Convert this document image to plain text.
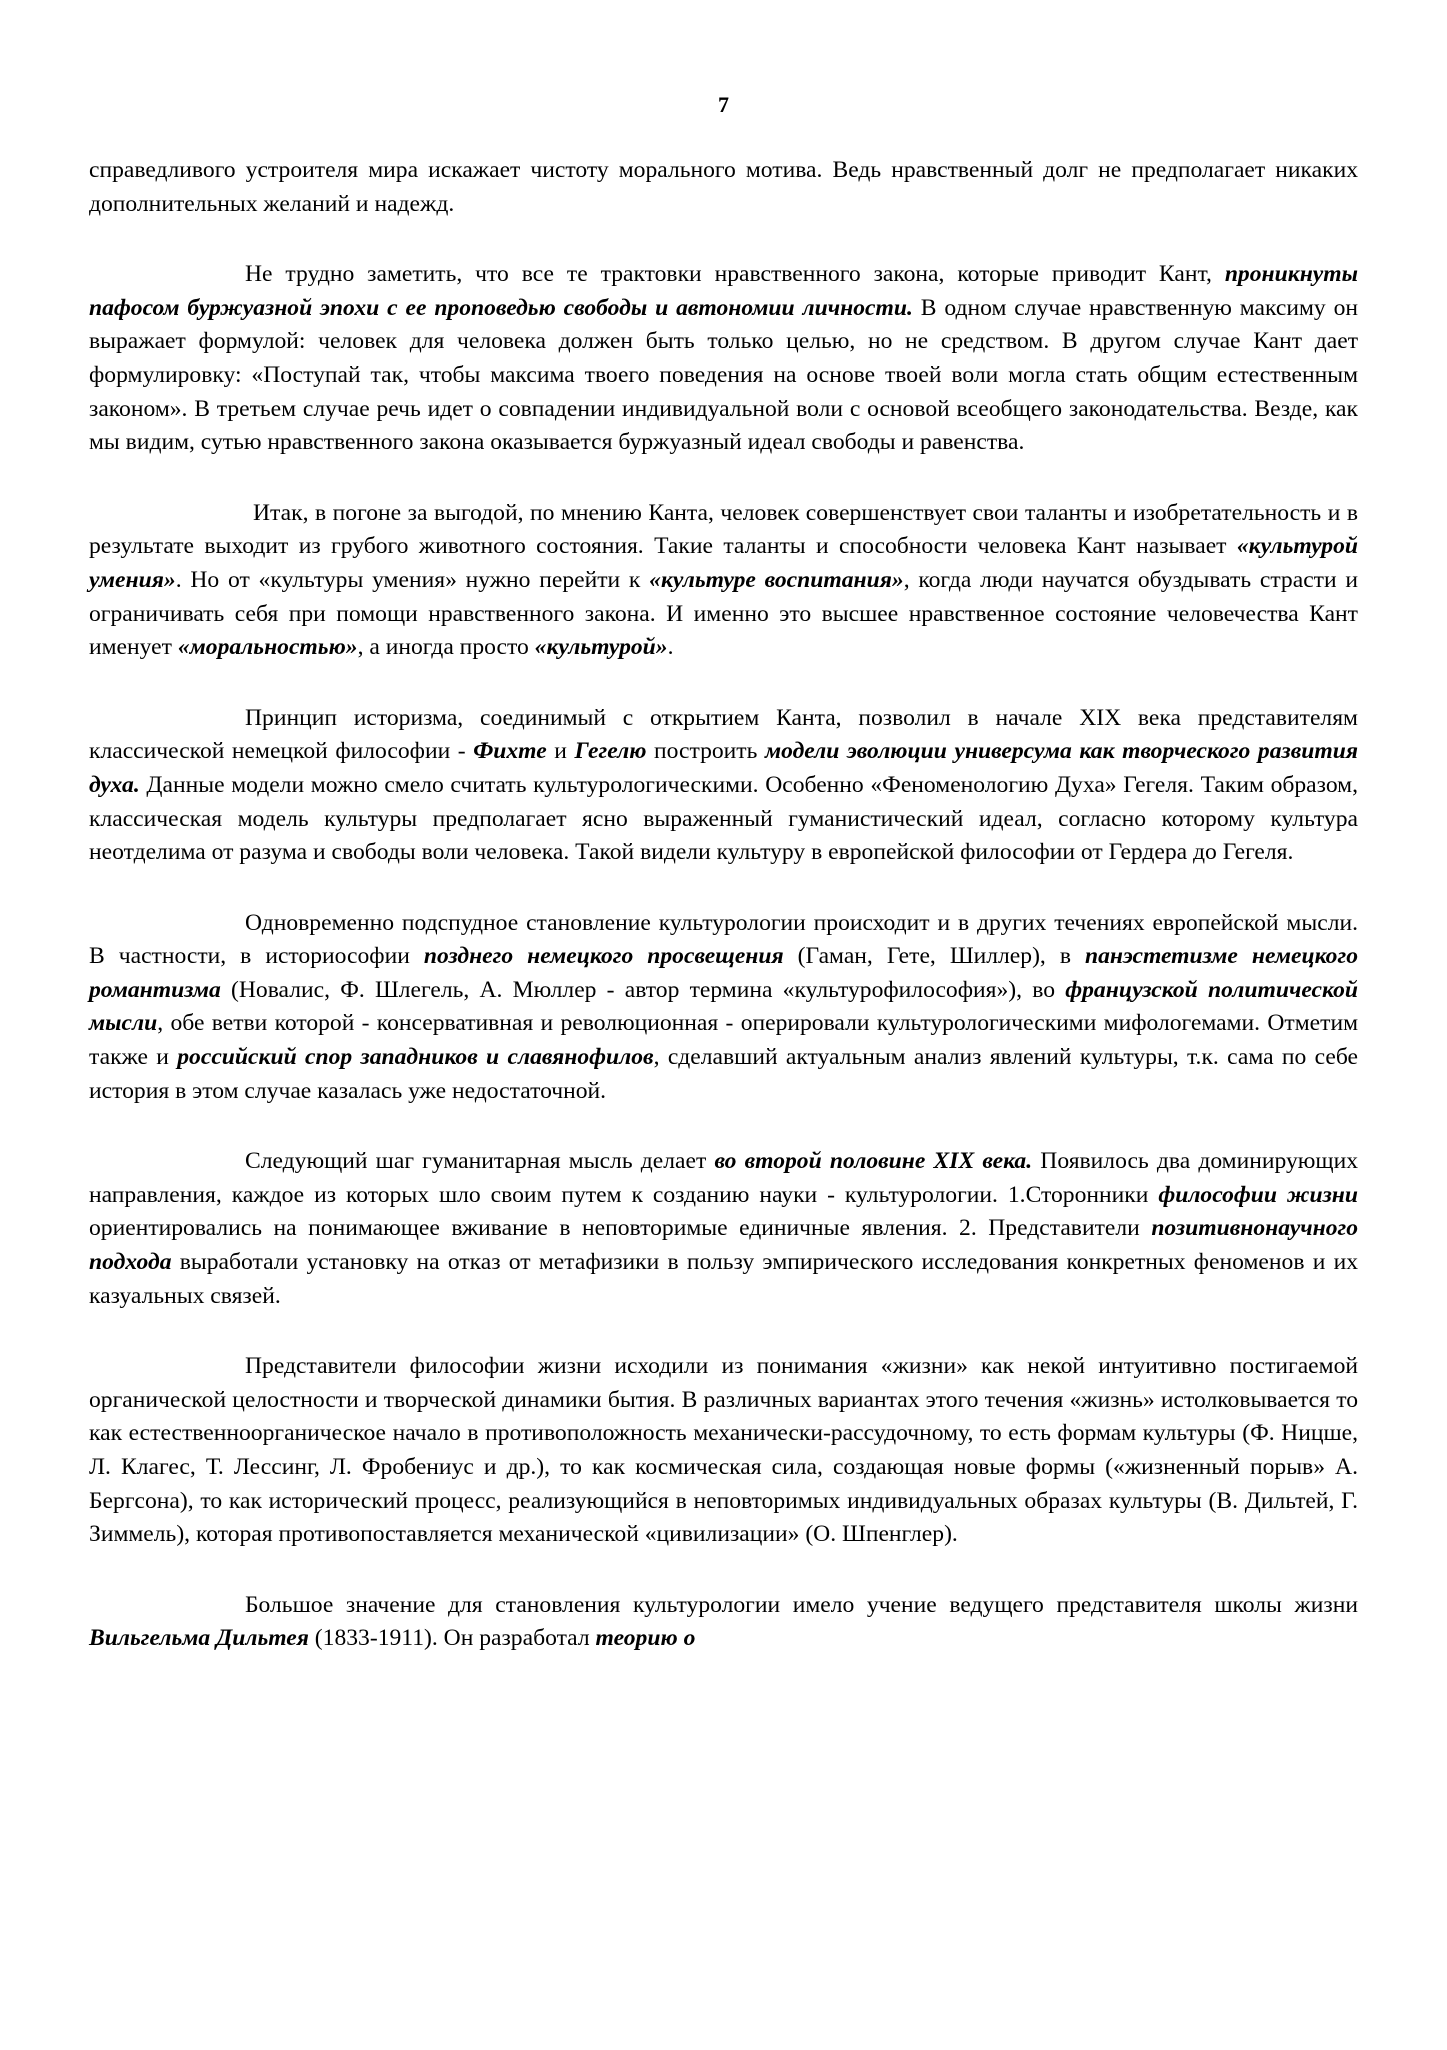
7

справедливого устроителя мира искажает чистоту морального мотива. Ведь нравственный долг не предполагает никаких дополнительных желаний и надежд.

Не трудно заметить, что все те трактовки нравственного закона, которые приводит Кант, проникнуты пафосом буржуазной эпохи с ее проповедью свободы и автономии личности. В одном случае нравственную максиму он выражает формулой: человек для человека должен быть только целью, но не средством. В другом случае Кант дает формулировку: «Поступай так, чтобы максима твоего поведения на основе твоей воли могла стать общим естественным законом». В третьем случае речь идет о совпадении индивидуальной воли с основой всеобщего законодательства. Везде, как мы видим, сутью нравственного закона оказывается буржуазный идеал свободы и равенства.

Итак, в погоне за выгодой, по мнению Канта, человек совершенствует свои таланты и изобретательность и в результате выходит из грубого животного состояния. Такие таланты и способности человека Кант называет «культурой умения». Но от «культуры умения» нужно перейти к «культуре воспитания», когда люди научатся обуздывать страсти и ограничивать себя при помощи нравственного закона. И именно это высшее нравственное состояние человечества Кант именует «моральностью», а иногда просто «культурой».

Принцип историзма, соединимый с открытием Канта, позволил в начале XIX века представителям классической немецкой философии - Фихте и Гегелю построить модели эволюции универсума как творческого развития духа. Данные модели можно смело считать культурологическими. Особенно «Феноменологию Духа» Гегеля. Таким образом, классическая модель культуры предполагает ясно выраженный гуманистический идеал, согласно которому культура неотделима от разума и свободы воли человека. Такой видели культуру в европейской философии от Гердера до Гегеля.

Одновременно подспудное становление культурологии происходит и в других течениях европейской мысли. В частности, в историософии позднего немецкого просвещения (Гаман, Гете, Шиллер), в панэстетизме немецкого романтизма (Новалис, Ф. Шлегель, А. Мюллер - автор термина «культурофилософия»), во французской политической мысли, обе ветви которой - консервативная и революционная - оперировали культурологическими мифологемами. Отметим также и российский спор западников и славянофилов, сделавший актуальным анализ явлений культуры, т.к. сама по себе история в этом случае казалась уже недостаточной.

Следующий шаг гуманитарная мысль делает во второй половине XIX века. Появилось два доминирующих направления, каждое из которых шло своим путем к созданию науки - культурологии. 1.Сторонники философии жизни ориентировались на понимающее вживание в неповторимые единичные явления. 2. Представители позитивнонаучного подхода выработали установку на отказ от метафизики в пользу эмпирического исследования конкретных феноменов и их казуальных связей.

Представители философии жизни исходили из понимания «жизни» как некой интуитивно постигаемой органической целостности и творческой динамики бытия. В различных вариантах этого течения «жизнь» истолковывается то как естественноорганическое начало в противоположность механически-рассудочному, то есть формам культуры (Ф. Ницше, Л. Клагес, Т. Лессинг, Л. Фробениус и др.), то как космическая сила, создающая новые формы («жизненный порыв» А. Бергсона), то как исторический процесс, реализующийся в неповторимых индивидуальных образах культуры (В. Дильтей, Г. Зиммель), которая противопоставляется механической «цивилизации» (О. Шпенглер).

Большое значение для становления культурологии имело учение ведущего представителя школы жизни Вильгельма Дильтея (1833-1911). Он разработал теорию о
